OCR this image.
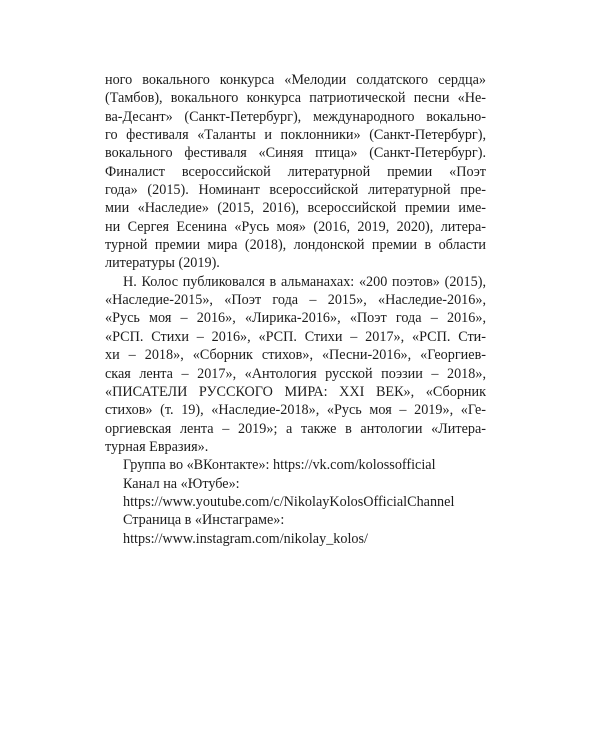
ного вокального конкурса «Мелодии солдатского сердца»
(Тамбов), вокального конкурса патриотической песни «Не-
ва-Десант» (Санкт-Петербург), международного вокально-
го фестиваля «Таланты и поклонники» (Санкт-Петербург),
вокального фестиваля «Синяя птица» (Санкт-Петербург).
Финалист всероссийской литературной премии «Поэт
года» (2015). Номинант всероссийской литературной пре-
мии «Наследие» (2015, 2016), всероссийской премии име-
ни Сергея Есенина «Русь моя» (2016, 2019, 2020), литера-
турной премии мира (2018), лондонской премии в области
литературы (2019).
Н. Колос публиковался в альманахах: «200 поэтов» (2015),
«Наследие-2015», «Поэт года – 2015», «Наследие-2016»,
«Русь моя – 2016», «Лирика-2016», «Поэт года – 2016»,
«РСП. Стихи – 2016», «РСП. Стихи – 2017», «РСП. Сти-
хи – 2018», «Сборник стихов», «Песни-2016», «Георгиев-
ская лента – 2017», «Антология русской поэзии – 2018»,
«ПИСАТЕЛИ РУССКОГО МИРА: XXI ВЕК», «Сборник
стихов» (т. 19), «Наследие-2018», «Русь моя – 2019», «Ге-
оргиевская лента – 2019»; а также в антологии «Литера-
турная Евразия».
Группа во «ВКонтакте»: https://vk.com/kolossofficial
Канал на «Ютубе»:
https://www.youtube.com/c/NikolayKolosOfficialChannel
Страница в «Инстаграме»:
https://www.instagram.com/nikolay_kolos/
